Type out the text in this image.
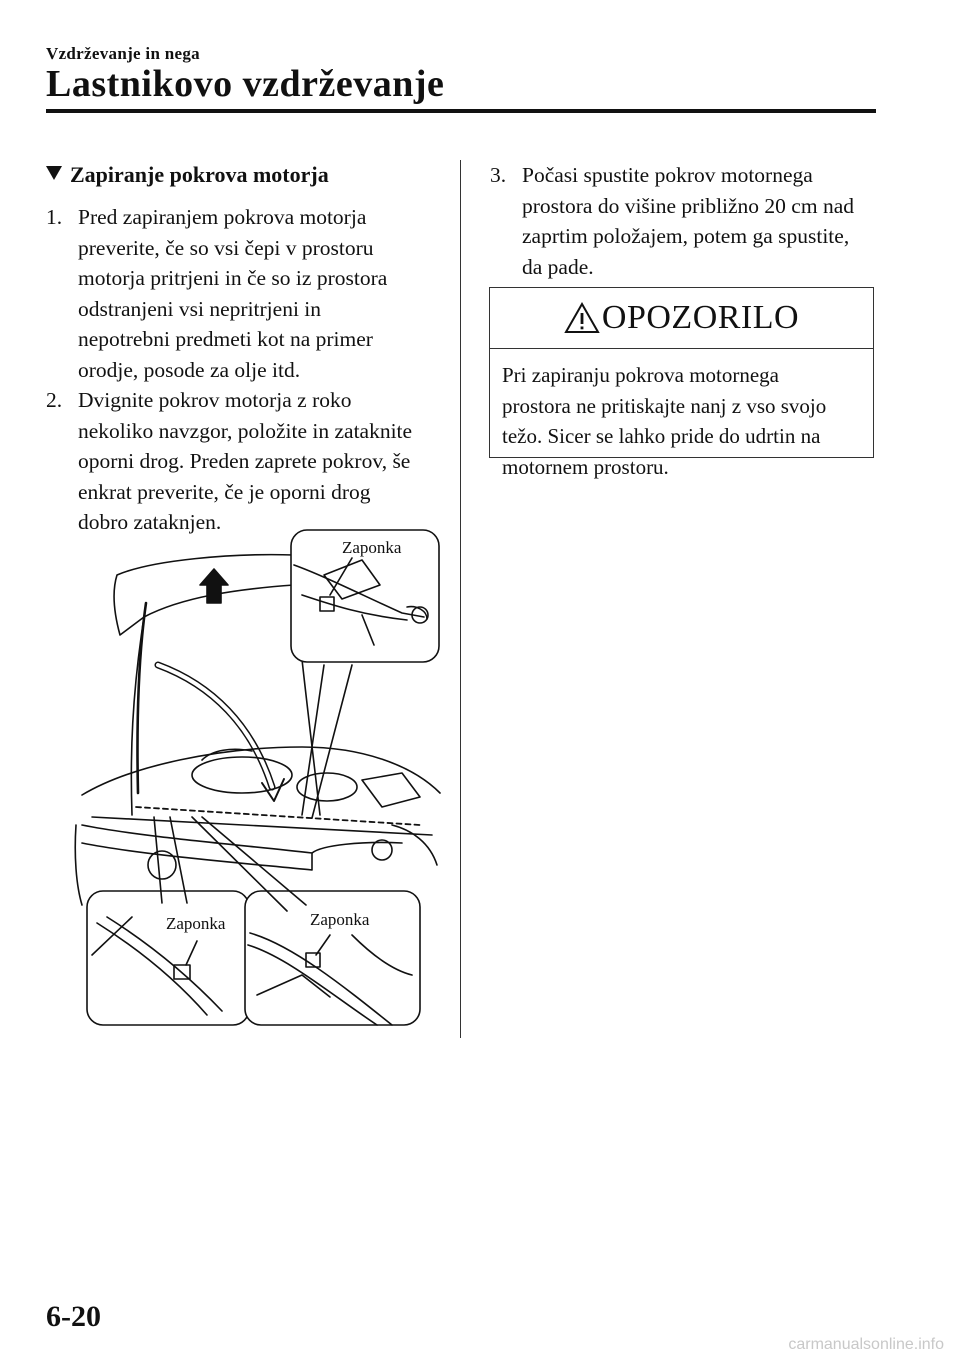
Vzdrževanje in nega
Lastnikovo vzdrževanje
Zapiranje pokrova motorja
1. Pred zapiranjem pokrova motorja
preverite, če so vsi čepi v prostoru
motorja pritrjeni in če so iz prostora
odstranjeni vsi nepritrjeni in
nepotrebni predmeti kot na primer
orodje, posode za olje itd.
2. Dvignite pokrov motorja z roko
nekoliko navzgor, položite in zataknite
oporni drog. Preden zaprete pokrov, še
enkrat preverite, če je oporni drog
dobro zataknjen.
3. Počasi spustite pokrov motornega
prostora do višine približno 20 cm nad
zaprtim položajem, potem ga spustite,
da pade.
OPOZORILO
Pri zapiranju pokrova motornega
prostora ne pritiskajte nanj z vso svojo
težo. Sicer se lahko pride do udrtin na
motornem prostoru.
Zaponka
Zaponka	Zaponka
6-20
carmanualsonline.info
